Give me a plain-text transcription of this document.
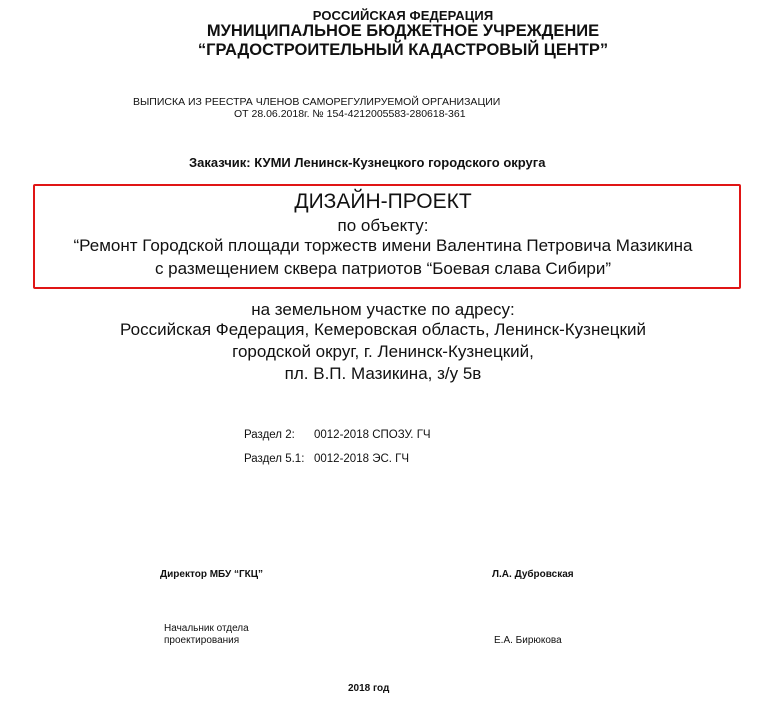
РОССИЙСКАЯ ФЕДЕРАЦИЯ
МУНИЦИПАЛЬНОЕ БЮДЖЕТНОЕ УЧРЕЖДЕНИЕ
“ГРАДОСТРОИТЕЛЬНЫЙ КАДАСТРОВЫЙ ЦЕНТР”
ВЫПИСКА ИЗ РЕЕСТРА ЧЛЕНОВ САМОРЕГУЛИРУЕМОЙ ОРГАНИЗАЦИИ
ОТ 28.06.2018г. № 154-4212005583-280618-361
Заказчик: КУМИ Ленинск-Кузнецкого городского округа
ДИЗАЙН-ПРОЕКТ
по объекту:
“Ремонт Городской площади торжеств имени Валентина Петровича Мазикина
с размещением сквера патриотов “Боевая слава Сибири”
на земельном участке по адресу:
Российская Федерация, Кемеровская область, Ленинск-Кузнецкий
городской округ, г. Ленинск-Кузнецкий,
пл. В.П. Мазикина, з/у 5в
Раздел 2: 0012-2018 СПОЗУ. ГЧ
Раздел 5.1: 0012-2018 ЭС. ГЧ
Директор МБУ “ГКЦ”	Л.А. Дубровская
Начальник отдела
проектирования	Е.А. Бирюкова
2018 год
